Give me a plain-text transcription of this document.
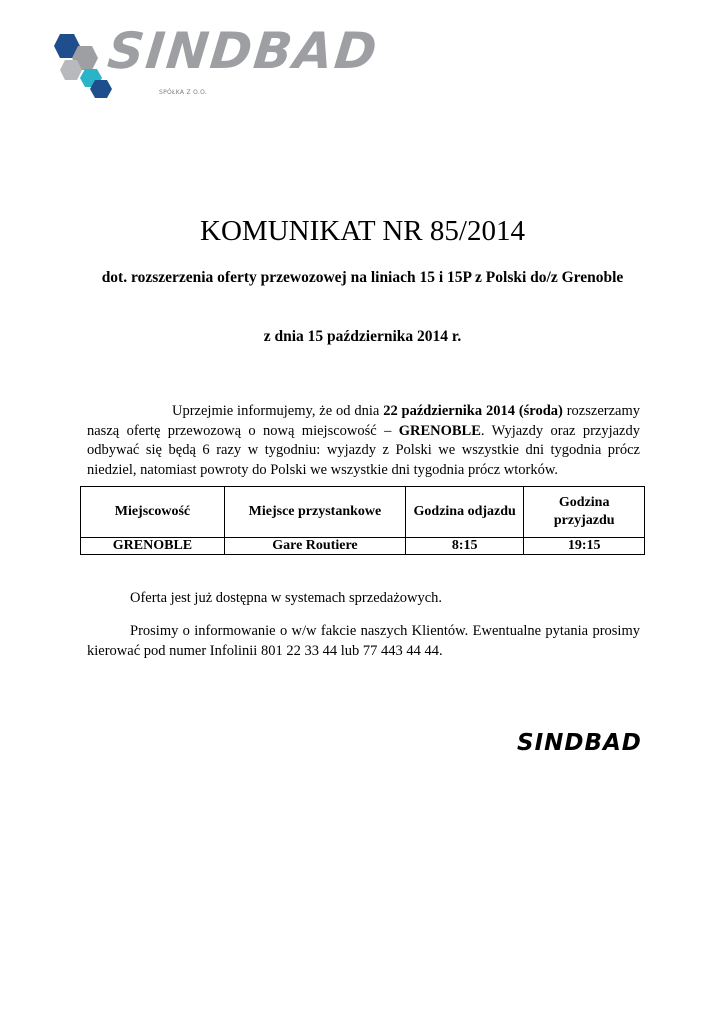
SINDBAD
SPÓŁKA Z O.O.
KOMUNIKAT NR 85/2014
dot. rozszerzenia oferty przewozowej na liniach 15 i 15P z Polski do/z Grenoble
z dnia 15 października 2014 r.
Uprzejmie informujemy, że od dnia 22 października 2014 (środa) rozszerzamy naszą ofertę przewozową o nową miejscowość – GRENOBLE. Wyjazdy oraz przyjazdy odbywać się będą 6 razy w tygodniu: wyjazdy z Polski we wszystkie dni tygodnia prócz niedziel, natomiast powroty do Polski we wszystkie dni tygodnia prócz wtorków.
Miejscowość	Miejsce przystankowe	Godzina odjazdu	Godzina przyjazdu
GRENOBLE	Gare Routiere	8:15	19:15
Oferta jest już dostępna w systemach sprzedażowych.
Prosimy o informowanie o w/w fakcie naszych Klientów. Ewentualne pytania prosimy kierować pod numer Infolinii 801 22 33 44 lub 77 443 44 44.
SINDBAD
